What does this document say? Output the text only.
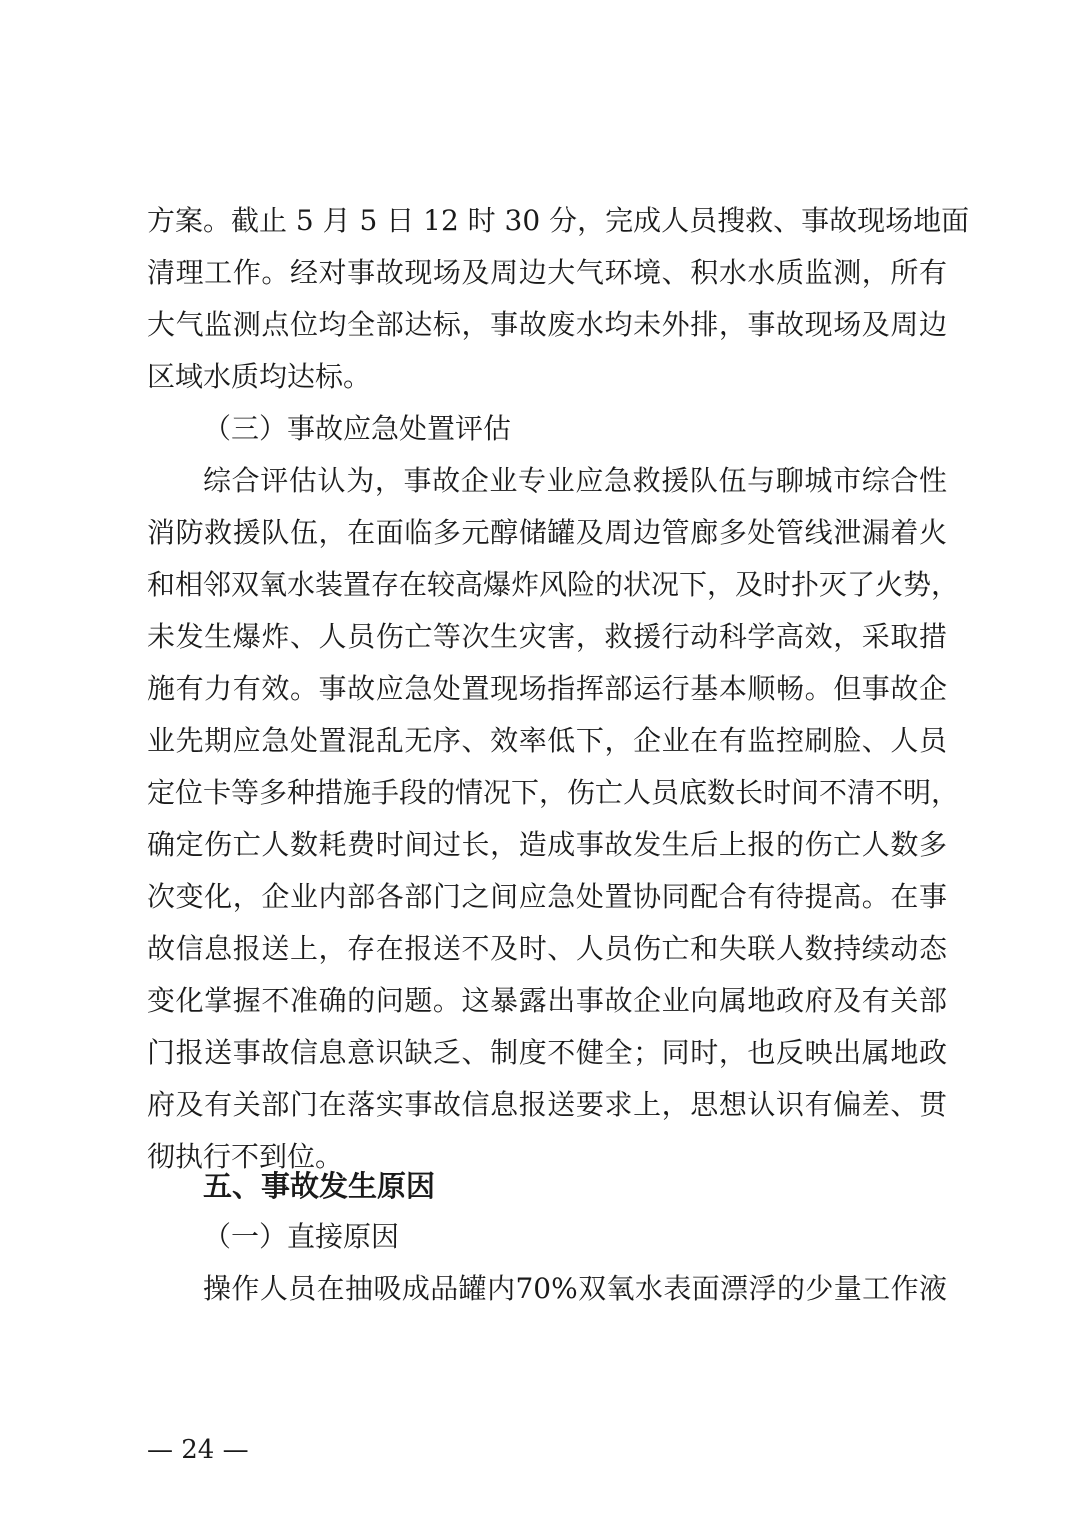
方案。截止 5 月 5 日 12 时 30 分，完成人员搜救、事故现场地面
清理工作。经对事故现场及周边大气环境、积水水质监测，所有
大气监测点位均全部达标，事故废水均未外排，事故现场及周边
区域水质均达标。
（三）事故应急处置评估
综合评估认为，事故企业专业应急救援队伍与聊城市综合性
消防救援队伍，在面临多元醇储罐及周边管廊多处管线泄漏着火
和相邻双氧水装置存在较高爆炸风险的状况下，及时扑灭了火势，
未发生爆炸、人员伤亡等次生灾害，救援行动科学高效，采取措
施有力有效。事故应急处置现场指挥部运行基本顺畅。但事故企
业先期应急处置混乱无序、效率低下，企业在有监控刷脸、人员
定位卡等多种措施手段的情况下，伤亡人员底数长时间不清不明，
确定伤亡人数耗费时间过长，造成事故发生后上报的伤亡人数多
次变化，企业内部各部门之间应急处置协同配合有待提高。在事
故信息报送上，存在报送不及时、人员伤亡和失联人数持续动态
变化掌握不准确的问题。这暴露出事故企业向属地政府及有关部
门报送事故信息意识缺乏、制度不健全；同时，也反映出属地政
府及有关部门在落实事故信息报送要求上，思想认识有偏差、贯
彻执行不到位。
五、事故发生原因
（一）直接原因
操作人员在抽吸成品罐内70%双氧水表面漂浮的少量工作液
— 24 —
